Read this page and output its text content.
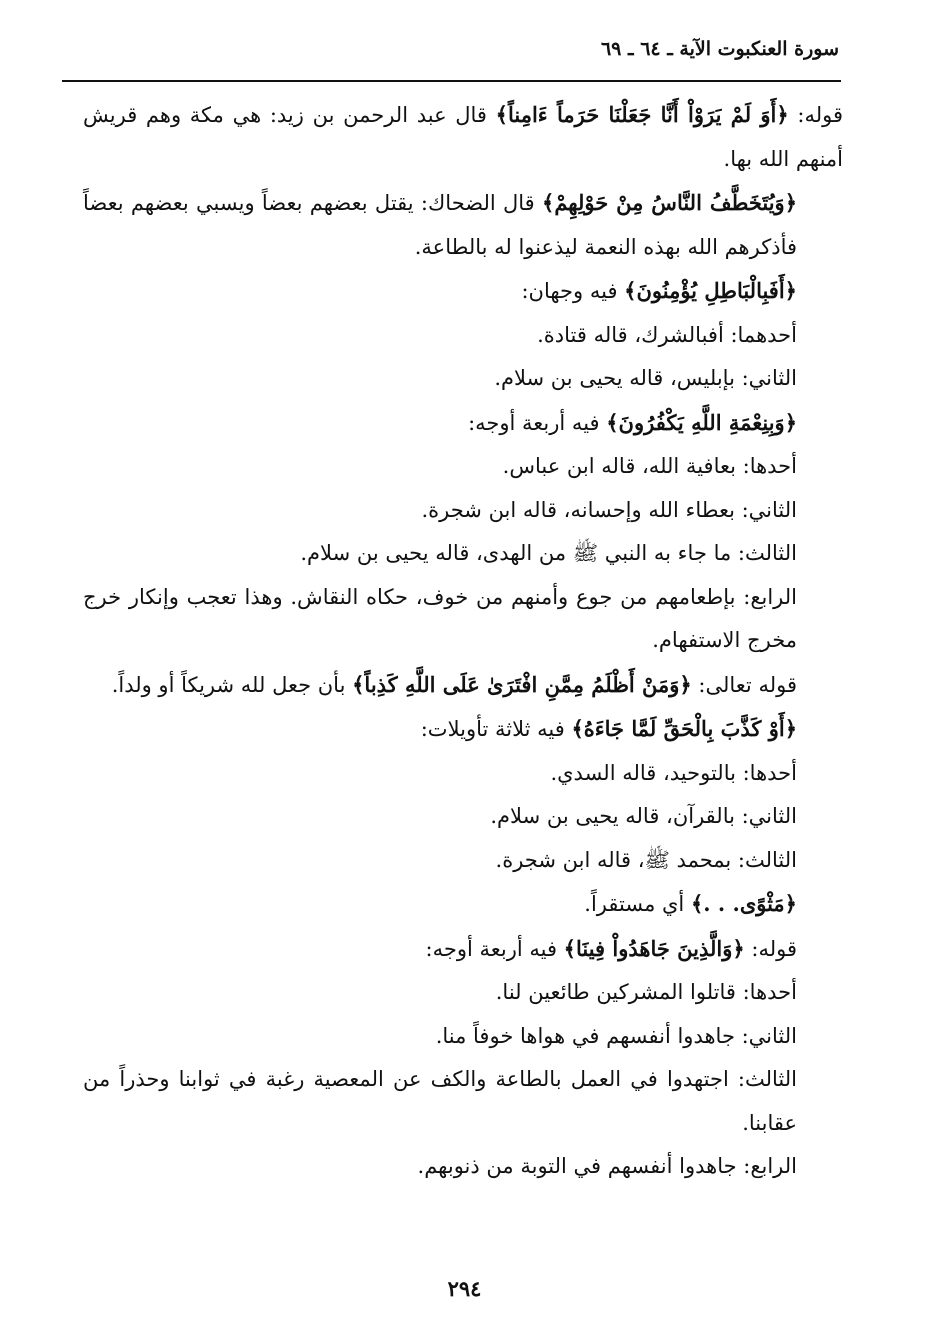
سورة العنكبوت الآية ـ ٦٤ ـ ٦٩

قوله: ﴿أَوَ لَمْ يَرَوْاْ أَنَّا جَعَلْنَا حَرَماً ءَامِناً﴾ قال عبد الرحمن بن زيد: هي مكة وهم قريش أمنهم الله بها.

﴿وَيُتَخَطَّفُ النَّاسُ مِنْ حَوْلِهِمْ﴾ قال الضحاك: يقتل بعضهم بعضاً ويسبي بعضهم بعضاً فأذكرهم الله بهذه النعمة ليذعنوا له بالطاعة.

﴿أَفَبِالْبَاطِلِ يُؤْمِنُونَ﴾ فيه وجهان:

أحدهما: أفبالشرك، قاله قتادة.

الثاني: بإبليس، قاله يحيى بن سلام.

﴿وَبِنِعْمَةِ اللَّهِ يَكْفُرُونَ﴾ فيه أربعة أوجه:

أحدها: بعافية الله، قاله ابن عباس.

الثاني: بعطاء الله وإحسانه، قاله ابن شجرة.

الثالث: ما جاء به النبي ﷺ من الهدى، قاله يحيى بن سلام.

الرابع: بإطعامهم من جوع وأمنهم من خوف، حكاه النقاش. وهذا تعجب وإنكار خرج مخرج الاستفهام.

قوله تعالى: ﴿وَمَنْ أَظْلَمُ مِمَّنِ افْتَرَىٰ عَلَى اللَّهِ كَذِباً﴾ بأن جعل لله شريكاً أو ولداً.

﴿أَوْ كَذَّبَ بِالْحَقِّ لَمَّا جَاءَهُ﴾ فيه ثلاثة تأويلات:

أحدها: بالتوحيد، قاله السدي.

الثاني: بالقرآن، قاله يحيى بن سلام.

الثالث: بمحمد ﷺ، قاله ابن شجرة.

﴿مَثْوًى. . .﴾ أي مستقراً.

قوله: ﴿وَالَّذِينَ جَاهَدُواْ فِينَا﴾ فيه أربعة أوجه:

أحدها: قاتلوا المشركين طائعين لنا.

الثاني: جاهدوا أنفسهم في هواها خوفاً منا.

الثالث: اجتهدوا في العمل بالطاعة والكف عن المعصية رغبة في ثوابنا وحذراً من عقابنا.

الرابع: جاهدوا أنفسهم في التوبة من ذنوبهم.

٢٩٤
